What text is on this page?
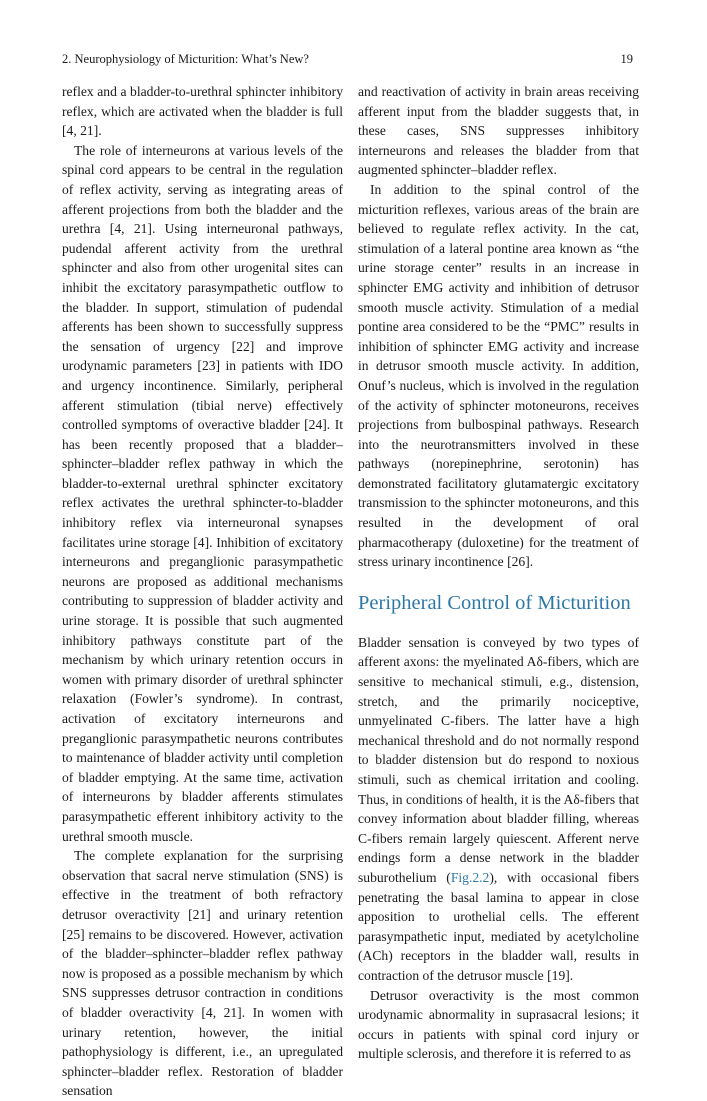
2. Neurophysiology of Micturition: What’s New?	19

reflex and a bladder-to-urethral sphincter inhibitory reflex, which are activated when the bladder is full [4, 21].

The role of interneurons at various levels of the spinal cord appears to be central in the regulation of reflex activity, serving as integrating areas of afferent projections from both the bladder and the urethra [4, 21]. Using interneuronal pathways, pudendal afferent activity from the urethral sphincter and also from other urogenital sites can inhibit the excitatory parasympathetic outflow to the bladder. In support, stimulation of pudendal afferents has been shown to successfully suppress the sensation of urgency [22] and improve urodynamic parameters [23] in patients with IDO and urgency incontinence. Similarly, peripheral afferent stimulation (tibial nerve) effectively controlled symptoms of overactive bladder [24]. It has been recently proposed that a bladder–sphincter–bladder reflex pathway in which the bladder-to-external urethral sphincter excitatory reflex activates the urethral sphincter-to-bladder inhibitory reflex via interneuronal synapses facilitates urine storage [4]. Inhibition of excitatory interneurons and preganglionic parasympathetic neurons are proposed as additional mechanisms contributing to suppression of bladder activity and urine storage. It is possible that such augmented inhibitory pathways constitute part of the mechanism by which urinary retention occurs in women with primary disorder of urethral sphincter relaxation (Fowler’s syndrome). In contrast, activation of excitatory interneurons and preganglionic parasympathetic neurons contributes to maintenance of bladder activity until completion of bladder emptying. At the same time, activation of interneurons by bladder afferents stimulates parasympathetic efferent inhibitory activity to the urethral smooth muscle.

The complete explanation for the surprising observation that sacral nerve stimulation (SNS) is effective in the treatment of both refractory detrusor overactivity [21] and urinary retention [25] remains to be discovered. However, activation of the bladder–sphincter–bladder reflex pathway now is proposed as a possible mechanism by which SNS suppresses detrusor contraction in conditions of bladder overactivity [4, 21]. In women with urinary retention, however, the initial pathophysiology is different, i.e., an upregulated sphincter–bladder reflex. Restoration of bladder sensation

and reactivation of activity in brain areas receiving afferent input from the bladder suggests that, in these cases, SNS suppresses inhibitory interneurons and releases the bladder from that augmented sphincter–bladder reflex.

In addition to the spinal control of the micturition reflexes, various areas of the brain are believed to regulate reflex activity. In the cat, stimulation of a lateral pontine area known as “the urine storage center” results in an increase in sphincter EMG activity and inhibition of detrusor smooth muscle activity. Stimulation of a medial pontine area considered to be the “PMC” results in inhibition of sphincter EMG activity and increase in detrusor smooth muscle activity. In addition, Onuf’s nucleus, which is involved in the regulation of the activity of sphincter motoneurons, receives projections from bulbospinal pathways. Research into the neurotransmitters involved in these pathways (norepinephrine, serotonin) has demonstrated facilitatory glutamatergic excitatory transmission to the sphincter motoneurons, and this resulted in the development of oral pharmacotherapy (duloxetine) for the treatment of stress urinary incontinence [26].

Peripheral Control of Micturition

Bladder sensation is conveyed by two types of afferent axons: the myelinated Aδ-fibers, which are sensitive to mechanical stimuli, e.g., distension, stretch, and the primarily nociceptive, unmyelinated C-fibers. The latter have a high mechanical threshold and do not normally respond to bladder distension but do respond to noxious stimuli, such as chemical irritation and cooling. Thus, in conditions of health, it is the Aδ-fibers that convey information about bladder filling, whereas C-fibers remain largely quiescent. Afferent nerve endings form a dense network in the bladder suburothelium (Fig.2.2), with occasional fibers penetrating the basal lamina to appear in close apposition to urothelial cells. The efferent parasympathetic input, mediated by acetylcholine (ACh) receptors in the bladder wall, results in contraction of the detrusor muscle [19].

Detrusor overactivity is the most common urodynamic abnormality in suprasacral lesions; it occurs in patients with spinal cord injury or multiple sclerosis, and therefore it is referred to as
